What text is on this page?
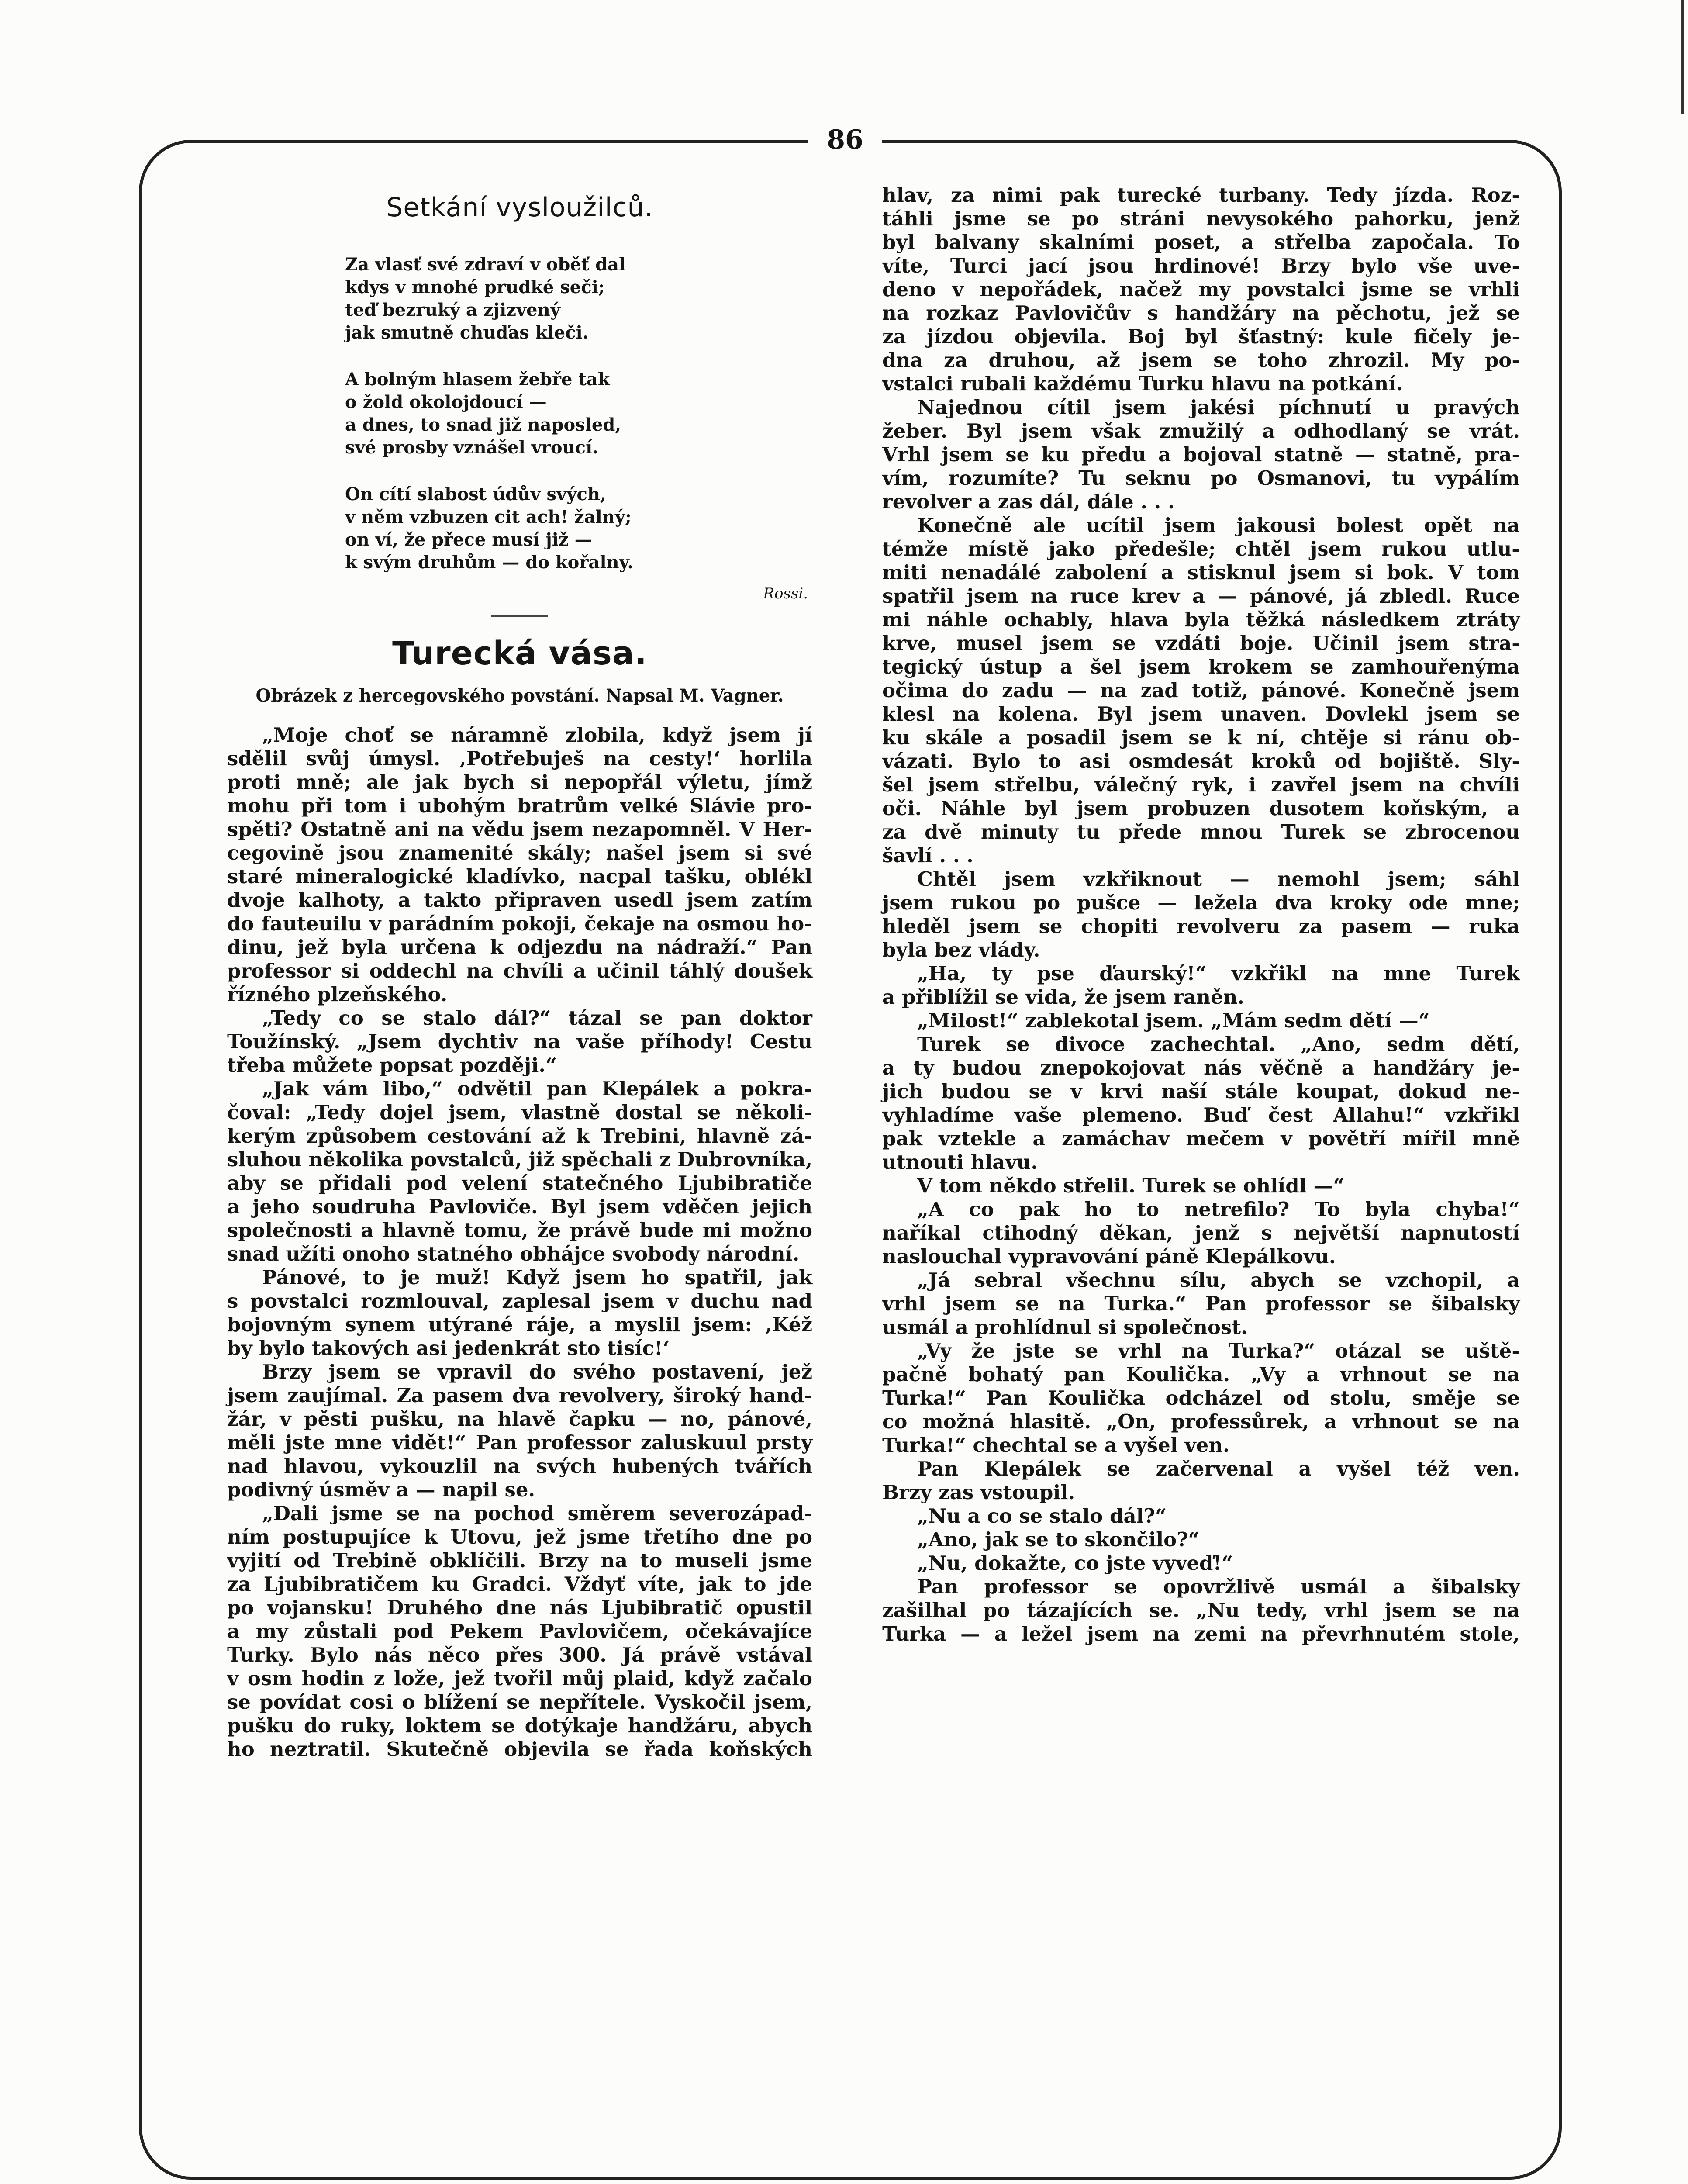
86
Setkání vysloužilců.
Za vlasť své zdraví v oběť dal
kdys v mnohé prudké seči;
teď bezruký a zjizvený
jak smutně chuďas kleči.
A bolným hlasem žebře tak
o žold okolojdoucí —
a dnes, to snad již naposled,
své prosby vznášel vroucí.
On cítí slabost údův svých,
v něm vzbuzen cit ach! žalný;
on ví, že přece musí již —
k svým druhům — do kořalny.
Rossi.
Turecká vása.
Obrázek z hercegovského povstání. Napsal M. Vagner.
„Moje choť se náramně zlobila, když jsem jí
sdělil svůj úmysl. ‚Potřebuješ na cesty!‘ horlila
proti mně; ale jak bych si nepopřál výletu, jímž
mohu při tom i ubohým bratrům velké Slávie pro-
spěti? Ostatně ani na vědu jsem nezapomněl. V Her-
cegovině jsou znamenité skály; našel jsem si své
staré mineralogické kladívko, nacpal tašku, oblékl
dvoje kalhoty, a takto připraven usedl jsem zatím
do fauteuilu v parádním pokoji, čekaje na osmou ho-
dinu, jež byla určena k odjezdu na nádraží.“ Pan
professor si oddechl na chvíli a učinil táhlý doušek
řízného plzeňského.
„Tedy co se stalo dál?“ tázal se pan doktor
Toužínský. „Jsem dychtiv na vaše příhody! Cestu
třeba můžete popsat později.“
„Jak vám libo,“ odvětil pan Klepálek a pokra-
čoval: „Tedy dojel jsem, vlastně dostal se několi-
kerým způsobem cestování až k Trebini, hlavně zá-
sluhou několika povstalců, již spěchali z Dubrovníka,
aby se přidali pod velení statečného Ljubibratiče
a jeho soudruha Pavloviče. Byl jsem vděčen jejich
společnosti a hlavně tomu, že právě bude mi možno
snad užíti onoho statného obhájce svobody národní.
Pánové, to je muž! Když jsem ho spatřil, jak
s povstalci rozmlouval, zaplesal jsem v duchu nad
bojovným synem utýrané ráje, a myslil jsem: ‚Kéž
by bylo takových asi jedenkrát sto tisíc!‘
Brzy jsem se vpravil do svého postavení, jež
jsem zaujímal. Za pasem dva revolvery, široký hand-
žár, v pěsti pušku, na hlavě čapku — no, pánové,
měli jste mne vidět!“ Pan professor zaluskuul prsty
nad hlavou, vykouzlil na svých hubených tvářích
podivný úsměv a — napil se.
„Dali jsme se na pochod směrem severozápad-
ním postupujíce k Utovu, jež jsme třetího dne po
vyjití od Trebině obklíčili. Brzy na to museli jsme
za Ljubibratičem ku Gradci. Vždyť víte, jak to jde
po vojansku! Druhého dne nás Ljubibratič opustil
a my zůstali pod Pekem Pavlovičem, očekávajíce
Turky. Bylo nás něco přes 300. Já právě vstával
v osm hodin z lože, jež tvořil můj plaid, když začalo
se povídat cosi o blížení se nepřítele. Vyskočil jsem,
pušku do ruky, loktem se dotýkaje handžáru, abych
ho neztratil. Skutečně objevila se řada koňských
hlav, za nimi pak turecké turbany. Tedy jízda. Roz-
táhli jsme se po stráni nevysokého pahorku, jenž
byl balvany skalními poset, a střelba započala. To
víte, Turci jací jsou hrdinové! Brzy bylo vše uve-
deno v nepořádek, načež my povstalci jsme se vrhli
na rozkaz Pavlovičův s handžáry na pěchotu, jež se
za jízdou objevila. Boj byl šťastný: kule fičely je-
dna za druhou, až jsem se toho zhrozil. My po-
vstalci rubali každému Turku hlavu na potkání.
Najednou cítil jsem jakési píchnutí u pravých
žeber. Byl jsem však zmužilý a odhodlaný se vrát.
Vrhl jsem se ku předu a bojoval statně — statně, pra-
vím, rozumíte? Tu seknu po Osmanovi, tu vypálím
revolver a zas dál, dále . . .
Konečně ale ucítil jsem jakousi bolest opět na
témže místě jako předešle; chtěl jsem rukou utlu-
miti nenadálé zabolení a stisknul jsem si bok. V tom
spatřil jsem na ruce krev a — pánové, já zbledl. Ruce
mi náhle ochably, hlava byla těžká následkem ztráty
krve, musel jsem se vzdáti boje. Učinil jsem stra-
tegický ústup a šel jsem krokem se zamhouřenýma
očima do zadu — na zad totiž, pánové. Konečně jsem
klesl na kolena. Byl jsem unaven. Dovlekl jsem se
ku skále a posadil jsem se k ní, chtěje si ránu ob-
vázati. Bylo to asi osmdesát kroků od bojiště. Sly-
šel jsem střelbu, válečný ryk, i zavřel jsem na chvíli
oči. Náhle byl jsem probuzen dusotem koňským, a
za dvě minuty tu přede mnou Turek se zbrocenou
šavlí . . .
Chtěl jsem vzkřiknout — nemohl jsem; sáhl
jsem rukou po pušce — ležela dva kroky ode mne;
hleděl jsem se chopiti revolveru za pasem — ruka
byla bez vlády.
„Ha, ty pse ďaurský!“ vzkřikl na mne Turek
a přiblížil se vida, že jsem raněn.
„Milost!“ zablekotal jsem. „Mám sedm dětí —“
Turek se divoce zachechtal. „Ano, sedm dětí,
a ty budou znepokojovat nás věčně a handžáry je-
jich budou se v krvi naší stále koupat, dokud ne-
vyhladíme vaše plemeno. Buď čest Allahu!“ vzkřikl
pak vztekle a zamáchav mečem v povětří mířil mně
utnouti hlavu.
V tom někdo střelil. Turek se ohlídl —“
„A co pak ho to netrefilo? To byla chyba!“
naříkal ctihodný děkan, jenž s největší napnutostí
naslouchal vypravování páně Klepálkovu.
„Já sebral všechnu sílu, abych se vzchopil, a
vrhl jsem se na Turka.“ Pan professor se šibalsky
usmál a prohlídnul si společnost.
„Vy že jste se vrhl na Turka?“ otázal se uště-
pačně bohatý pan Koulička. „Vy a vrhnout se na
Turka!“ Pan Koulička odcházel od stolu, směje se
co možná hlasitě. „On, professůrek, a vrhnout se na
Turka!“ chechtal se a vyšel ven.
Pan Klepálek se začervenal a vyšel též ven.
Brzy zas vstoupil.
„Nu a co se stalo dál?“
„Ano, jak se to skončilo?“
„Nu, dokažte, co jste vyveď!“
Pan professor se opovržlivě usmál a šibalsky
zašilhal po tázajících se. „Nu tedy, vrhl jsem se na
Turka — a ležel jsem na zemi na převrhnutém stole,
